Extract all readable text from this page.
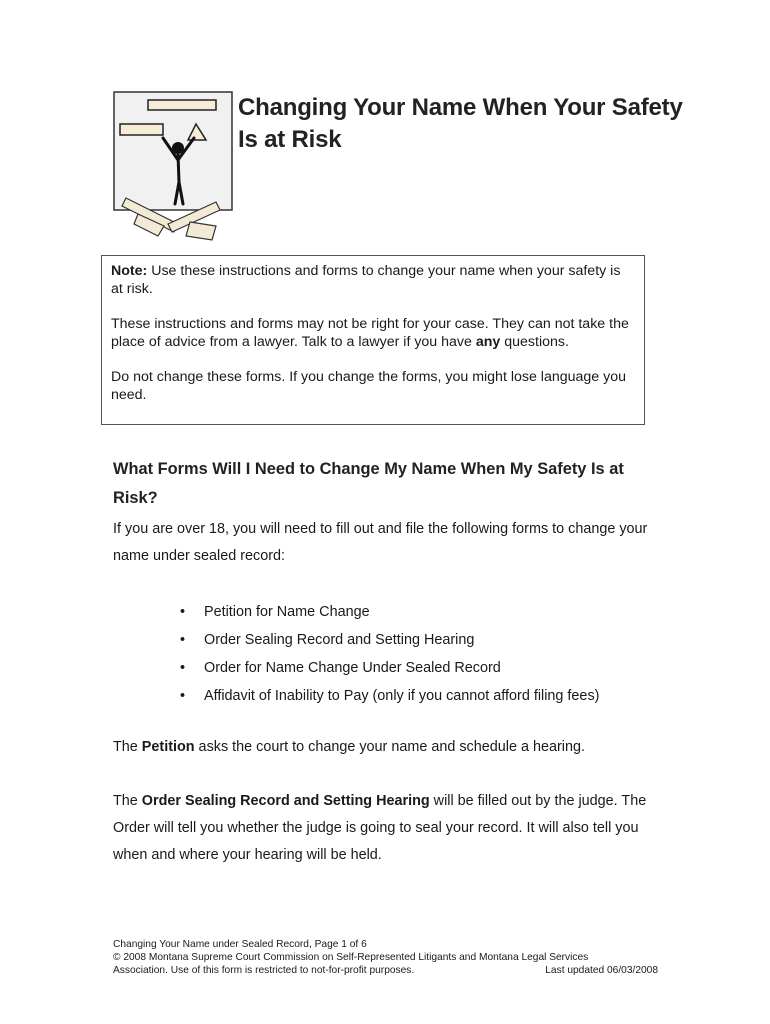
Changing Your Name When Your Safety Is at Risk

Note: Use these instructions and forms to change your name when your safety is at risk.

These instructions and forms may not be right for your case. They can not take the place of advice from a lawyer. Talk to a lawyer if you have any questions.

Do not change these forms. If you change the forms, you might lose language you need.

What Forms Will I Need to Change My Name When My Safety Is at Risk?
If you are over 18, you will need to fill out and file the following forms to change your name under sealed record:
• Petition for Name Change
• Order Sealing Record and Setting Hearing
• Order for Name Change Under Sealed Record
• Affidavit of Inability to Pay (only if you cannot afford filing fees)
The Petition asks the court to change your name and schedule a hearing.
The Order Sealing Record and Setting Hearing will be filled out by the judge. The Order will tell you whether the judge is going to seal your record. It will also tell you when and where your hearing will be held.
Changing Your Name under Sealed Record, Page 1 of 6
© 2008 Montana Supreme Court Commission on Self-Represented Litigants and Montana Legal Services
Association. Use of this form is restricted to not-for-profit purposes.	Last updated 06/03/2008
